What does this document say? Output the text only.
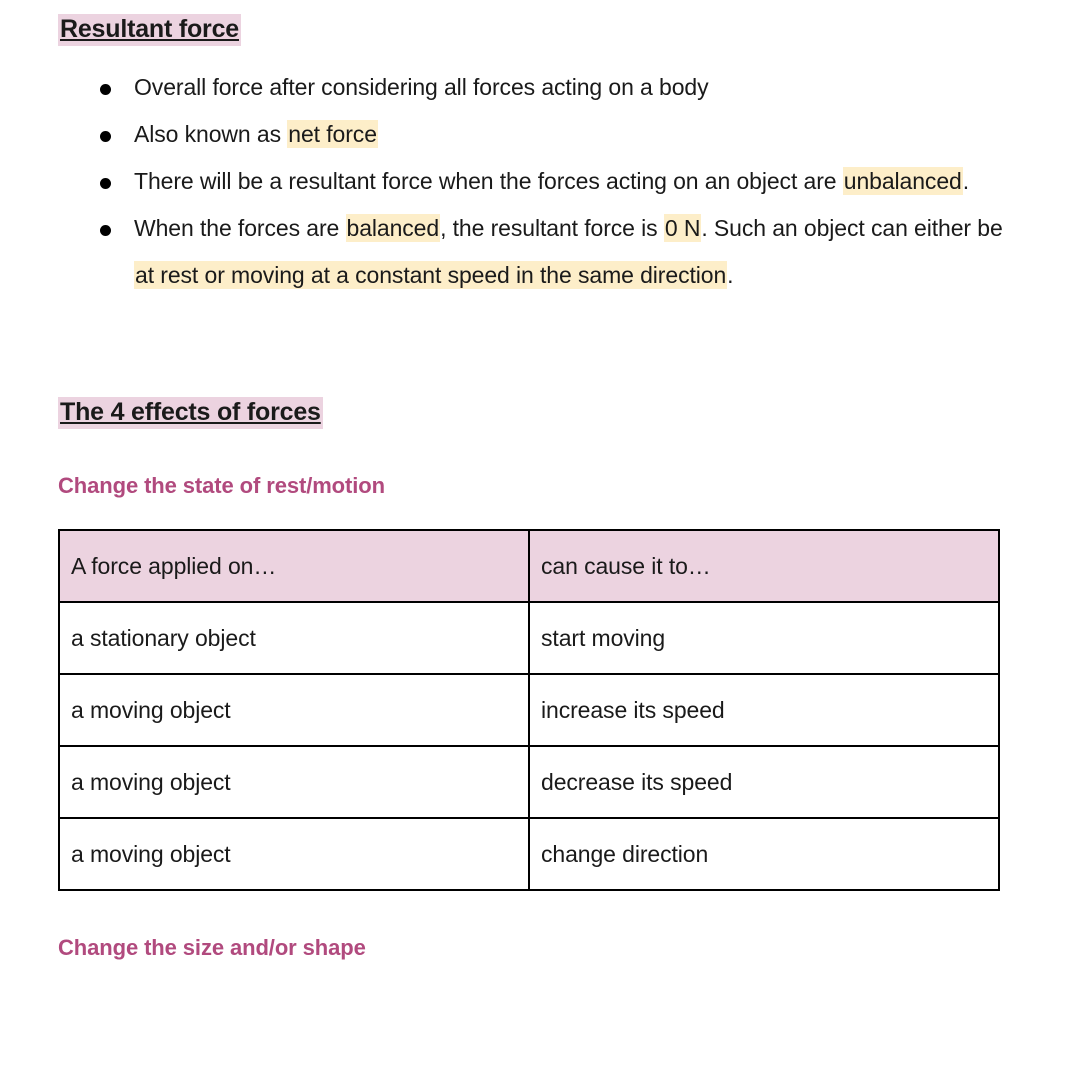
Resultant force
Overall force after considering all forces acting on a body
Also known as net force
There will be a resultant force when the forces acting on an object are unbalanced.
When the forces are balanced, the resultant force is 0 N. Such an object can either be at rest or moving at a constant speed in the same direction.
The 4 effects of forces
Change the state of rest/motion
A force applied on…	can cause it to…
a stationary object	start moving
a moving object	increase its speed
a moving object	decrease its speed
a moving object	change direction
Change the size and/or shape
